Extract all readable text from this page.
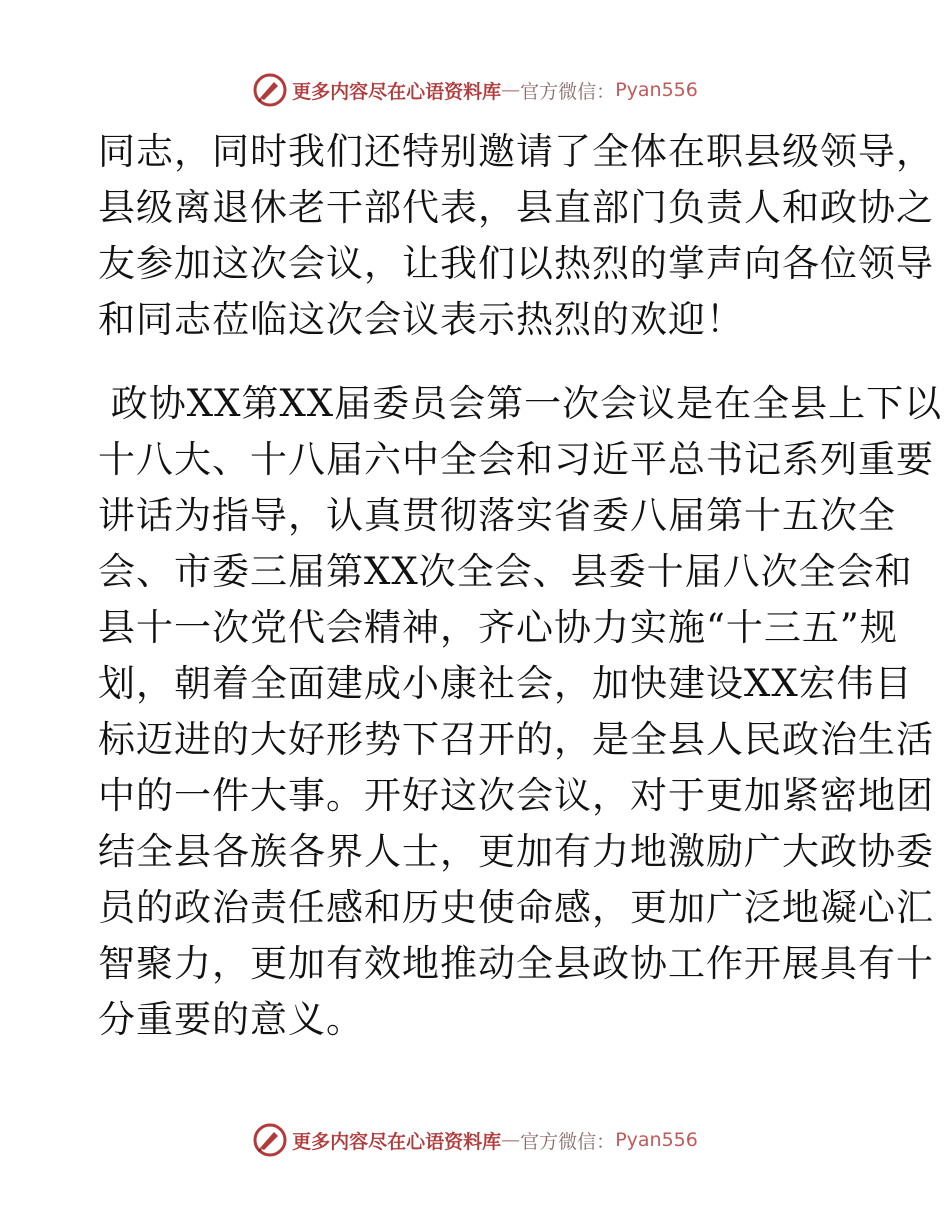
更多内容尽在心语资料库 — 官方微信： Pyan556
同志，同时我们还特别邀请了全体在职县级领导，
县级离退休老干部代表，县直部门负责人和政协之
友参加这次会议，让我们以热烈的掌声向各位领导
和同志莅临这次会议表示热烈的欢迎！
政协XX第XX届委员会第一次会议是在全县上下以
十八大、十八届六中全会和习近平总书记系列重要
讲话为指导，认真贯彻落实省委八届第十五次全
会、市委三届第XX次全会、县委十届八次全会和
县十一次党代会精神，齐心协力实施“十三五”规
划，朝着全面建成小康社会，加快建设XX宏伟目
标迈进的大好形势下召开的，是全县人民政治生活
中的一件大事。开好这次会议，对于更加紧密地团
结全县各族各界人士，更加有力地激励广大政协委
员的政治责任感和历史使命感，更加广泛地凝心汇
智聚力，更加有效地推动全县政协工作开展具有十
分重要的意义。
更多内容尽在心语资料库 — 官方微信： Pyan556
